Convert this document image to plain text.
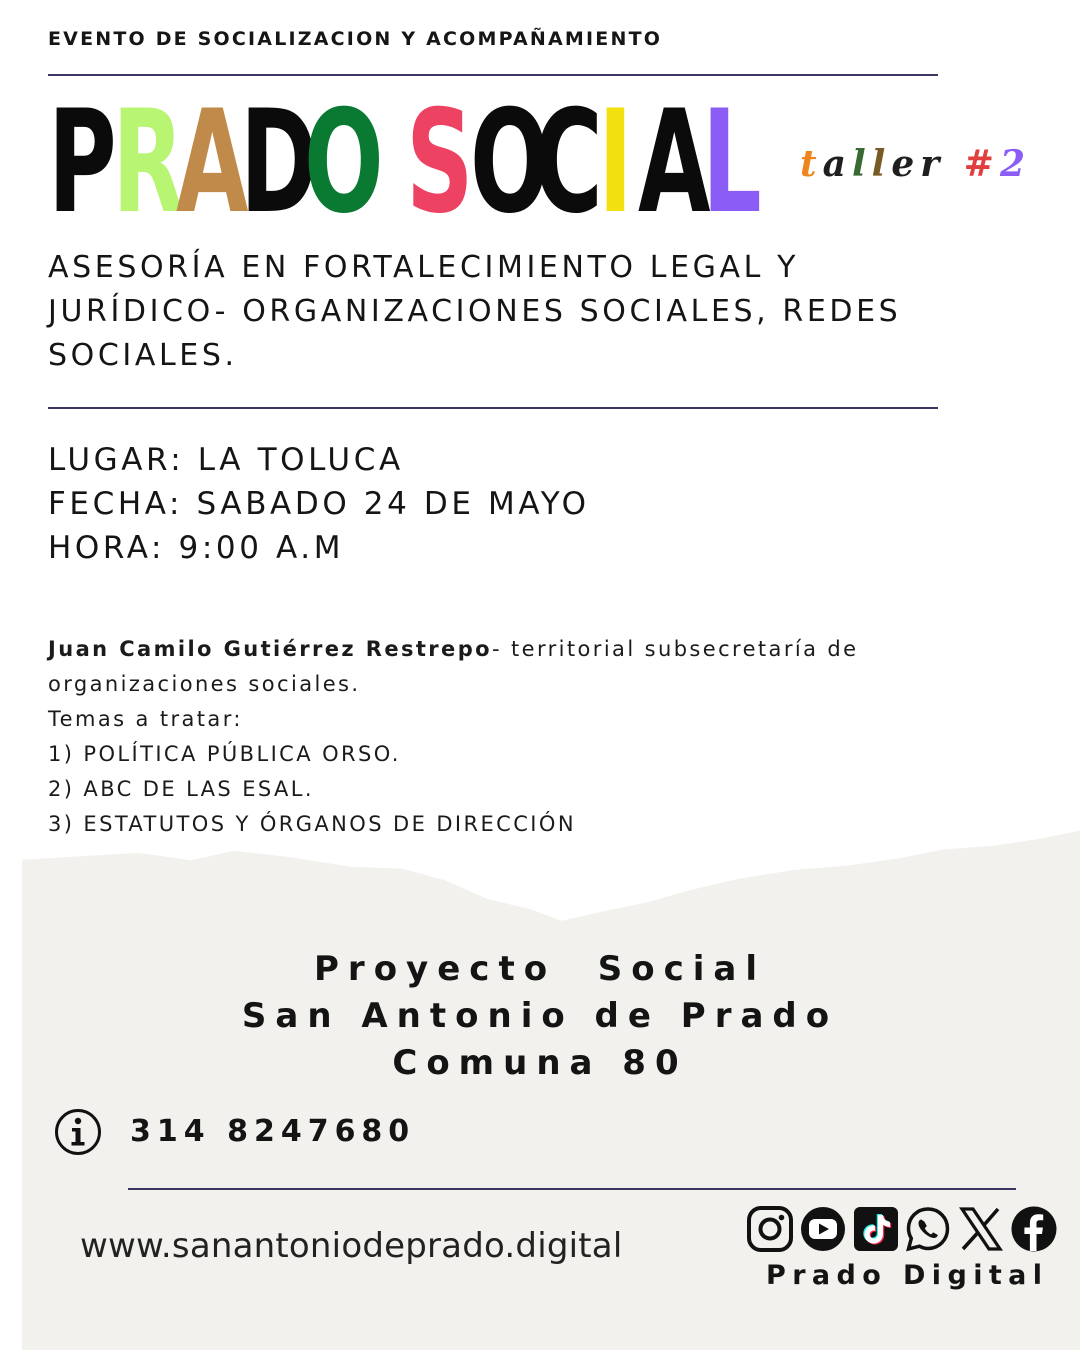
EVENTO DE SOCIALIZACION Y ACOMPAÑAMIENTO
PRADO SOCIAL taller #2
ASESORÍA EN FORTALECIMIENTO LEGAL Y
JURÍDICO- ORGANIZACIONES SOCIALES, REDES
SOCIALES.
LUGAR: LA TOLUCA
FECHA: SABADO 24 DE MAYO
HORA: 9:00 A.M
Juan Camilo Gutiérrez Restrepo- territorial subsecretaría de
organizaciones sociales.
Temas a tratar:
1) POLÍTICA PÚBLICA ORSO.
2) ABC DE LAS ESAL.
3) ESTATUTOS Y ÓRGANOS DE DIRECCIÓN
Proyecto  Social
San Antonio de Prado
Comuna 80
314 8247680
www.sanantoniodeprado.digital
Prado Digital
